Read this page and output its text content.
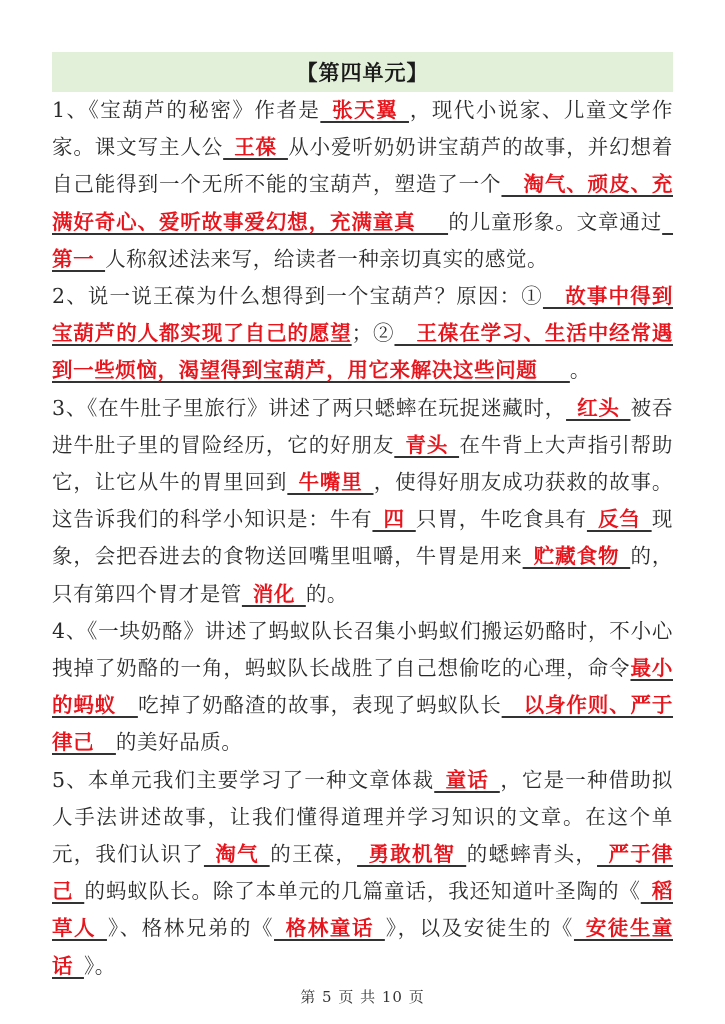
【第四单元】

1、《宝葫芦的秘密》作者是 张天翼 ，现代小说家、儿童文学作家。课文写主人公 王葆 从小爱听奶奶讲宝葫芦的故事，并幻想着自己能得到一个无所不能的宝葫芦，塑造了一个  淘气、顽皮、充满好奇心、爱听故事爱幻想，充满童真   的儿童形象。文章通过 第一 人称叙述法来写，给读者一种亲切真实的感觉。

2、说一说王葆为什么想得到一个宝葫芦？原因：①  故事中得到宝葫芦的人都实现了自己的愿望；②  王葆在学习、生活中经常遇到一些烦恼，渴望得到宝葫芦，用它来解决这些问题   。

3、《在牛肚子里旅行》讲述了两只蟋蟀在玩捉迷藏时， 红头 被吞进牛肚子里的冒险经历，它的好朋友 青头 在牛背上大声指引帮助它，让它从牛的胃里回到 牛嘴里 ，使得好朋友成功获救的故事。这告诉我们的科学小知识是：牛有 四 只胃，牛吃食具有 反刍 现象，会把吞进去的食物送回嘴里咀嚼，牛胃是用来 贮藏食物 的，只有第四个胃才是管 消化 的。

4、《一块奶酪》讲述了蚂蚁队长召集小蚂蚁们搬运奶酪时，不小心拽掉了奶酪的一角，蚂蚁队长战胜了自己想偷吃的心理，命令最小的蚂蚁  吃掉了奶酪渣的故事，表现了蚂蚁队长  以身作则、严于律己  的美好品质。

5、本单元我们主要学习了一种文章体裁 童话 ，它是一种借助拟人手法讲述故事，让我们懂得道理并学习知识的文章。在这个单元，我们认识了 淘气 的王葆， 勇敢机智 的蟋蟀青头， 严于律己 的蚂蚁队长。除了本单元的几篇童话，我还知道叶圣陶的《 稻草人 》、格林兄弟的《 格林童话 》，以及安徒生的《 安徒生童话 》。

第 5 页 共 10 页
